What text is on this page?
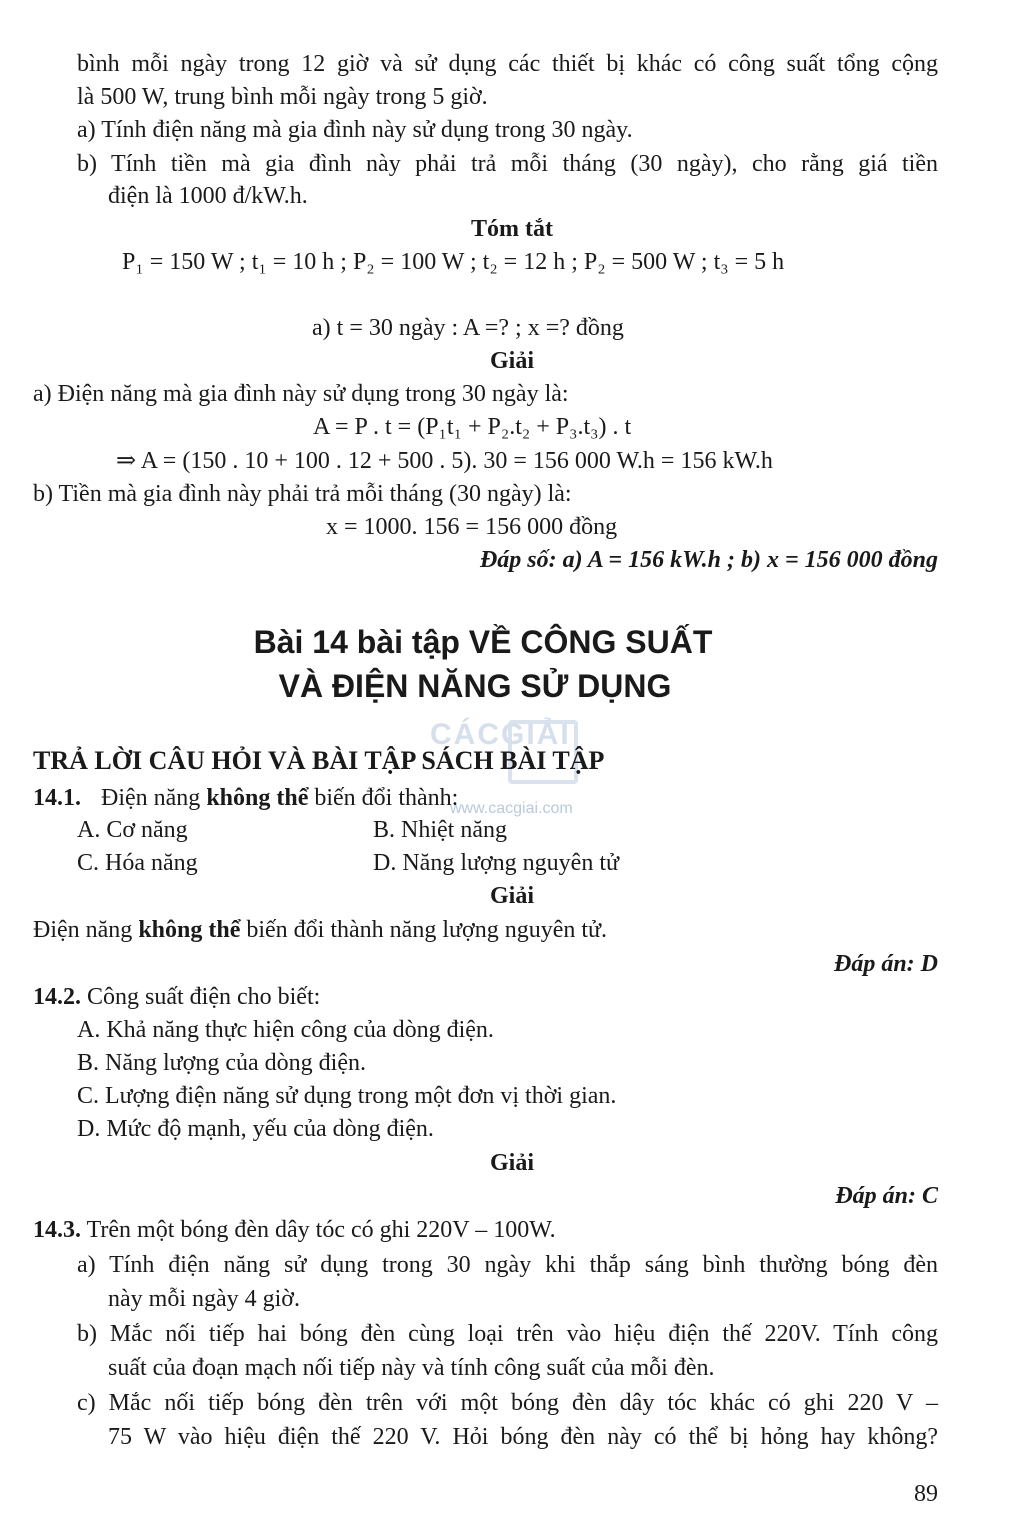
CÁCGIẢI
www.cacgiai.com
bình mỗi ngày trong 12 giờ và sử dụng các thiết bị khác có công suất tổng cộng
là 500 W, trung bình mỗi ngày trong 5 giờ.
a) Tính điện năng mà gia đình này sử dụng trong 30 ngày.
b) Tính tiền mà gia đình này phải trả mỗi tháng (30 ngày), cho rằng giá tiền
điện là 1000 đ/kW.h.
Tóm tắt
P₁ = 150 W ; t₁ = 10 h ; P₂ = 100 W ; t₂ = 12 h ; P₂ = 500 W ; t₃ = 5 h
a) t = 30 ngày : A =? ; x =? đồng
Giải
a) Điện năng mà gia đình này sử dụng trong 30 ngày là:
A = P . t = (P₁t₁ + P₂.t₂ + P₃.t₃) . t
⇒ A = (150 . 10 + 100 . 12 + 500 . 5). 30 = 156 000 W.h = 156 kW.h
b) Tiền mà gia đình này phải trả mỗi tháng (30 ngày) là:
x = 1000. 156 = 156 000 đồng
Đáp số: a) A = 156 kW.h ; b) x = 156 000 đồng
Bài 14 bài tập VỀ CÔNG SUẤT
VÀ ĐIỆN NĂNG SỬ DỤNG
TRẢ LỜI CÂU HỎI VÀ BÀI TẬP SÁCH BÀI TẬP
14.1. Điện năng không thể biến đổi thành:
A. Cơ năng	B. Nhiệt năng
C. Hóa năng	D. Năng lượng nguyên tử
Giải
Điện năng không thể biến đổi thành năng lượng nguyên tử.
Đáp án: D
14.2. Công suất điện cho biết:
A. Khả năng thực hiện công của dòng điện.
B. Năng lượng của dòng điện.
C. Lượng điện năng sử dụng trong một đơn vị thời gian.
D. Mức độ mạnh, yếu của dòng điện.
Giải
Đáp án: C
14.3. Trên một bóng đèn dây tóc có ghi 220V – 100W.
a) Tính điện năng sử dụng trong 30 ngày khi thắp sáng bình thường bóng đèn
này mỗi ngày 4 giờ.
b) Mắc nối tiếp hai bóng đèn cùng loại trên vào hiệu điện thế 220V. Tính công
suất của đoạn mạch nối tiếp này và tính công suất của mỗi đèn.
c) Mắc nối tiếp bóng đèn trên với một bóng đèn dây tóc khác có ghi 220 V –
75 W vào hiệu điện thế 220 V. Hỏi bóng đèn này có thể bị hỏng hay không?
89
